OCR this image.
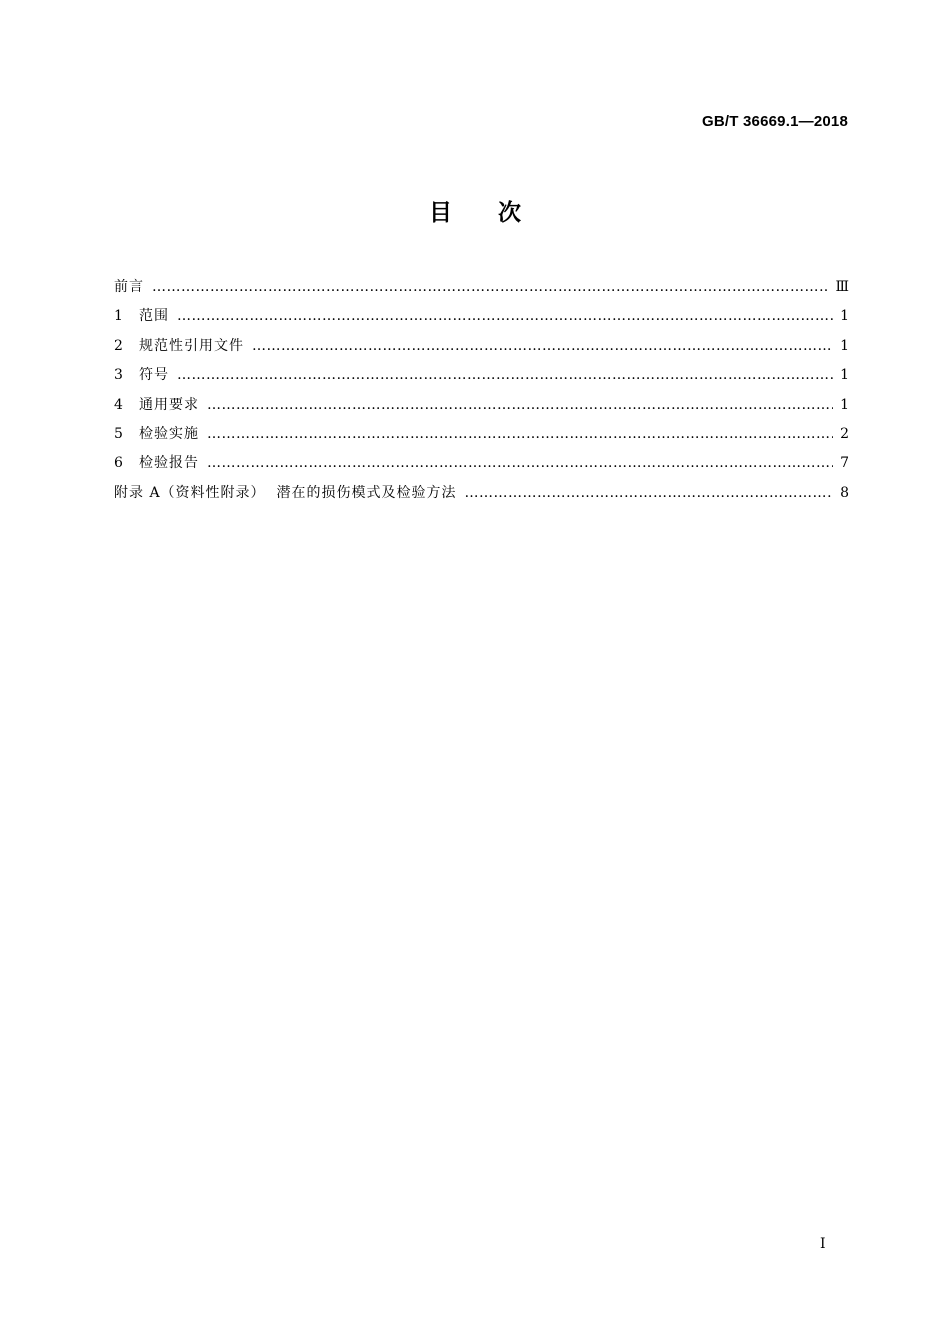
GB/T 36669.1—2018
目次
前言 …………………………………………………………………………………………………………………………………………………………………………………………………………	Ⅲ
1	范围 …………………………………………………………………………………………………………………………………………………………………………………………………………	1
2	规范性引用文件 …………………………………………………………………………………………………………………………………………………………………………………………………………	1
3	符号 …………………………………………………………………………………………………………………………………………………………………………………………………………	1
4	通用要求 …………………………………………………………………………………………………………………………………………………………………………………………………………	1
5	检验实施 …………………………………………………………………………………………………………………………………………………………………………………………………………	2
6	检验报告 …………………………………………………………………………………………………………………………………………………………………………………………………………	7
附录 A（资料性附录）  潜在的损伤模式及检验方法 …………………………………………………………………………………………………………………………………………………………………………………………………………	8
Ⅰ
